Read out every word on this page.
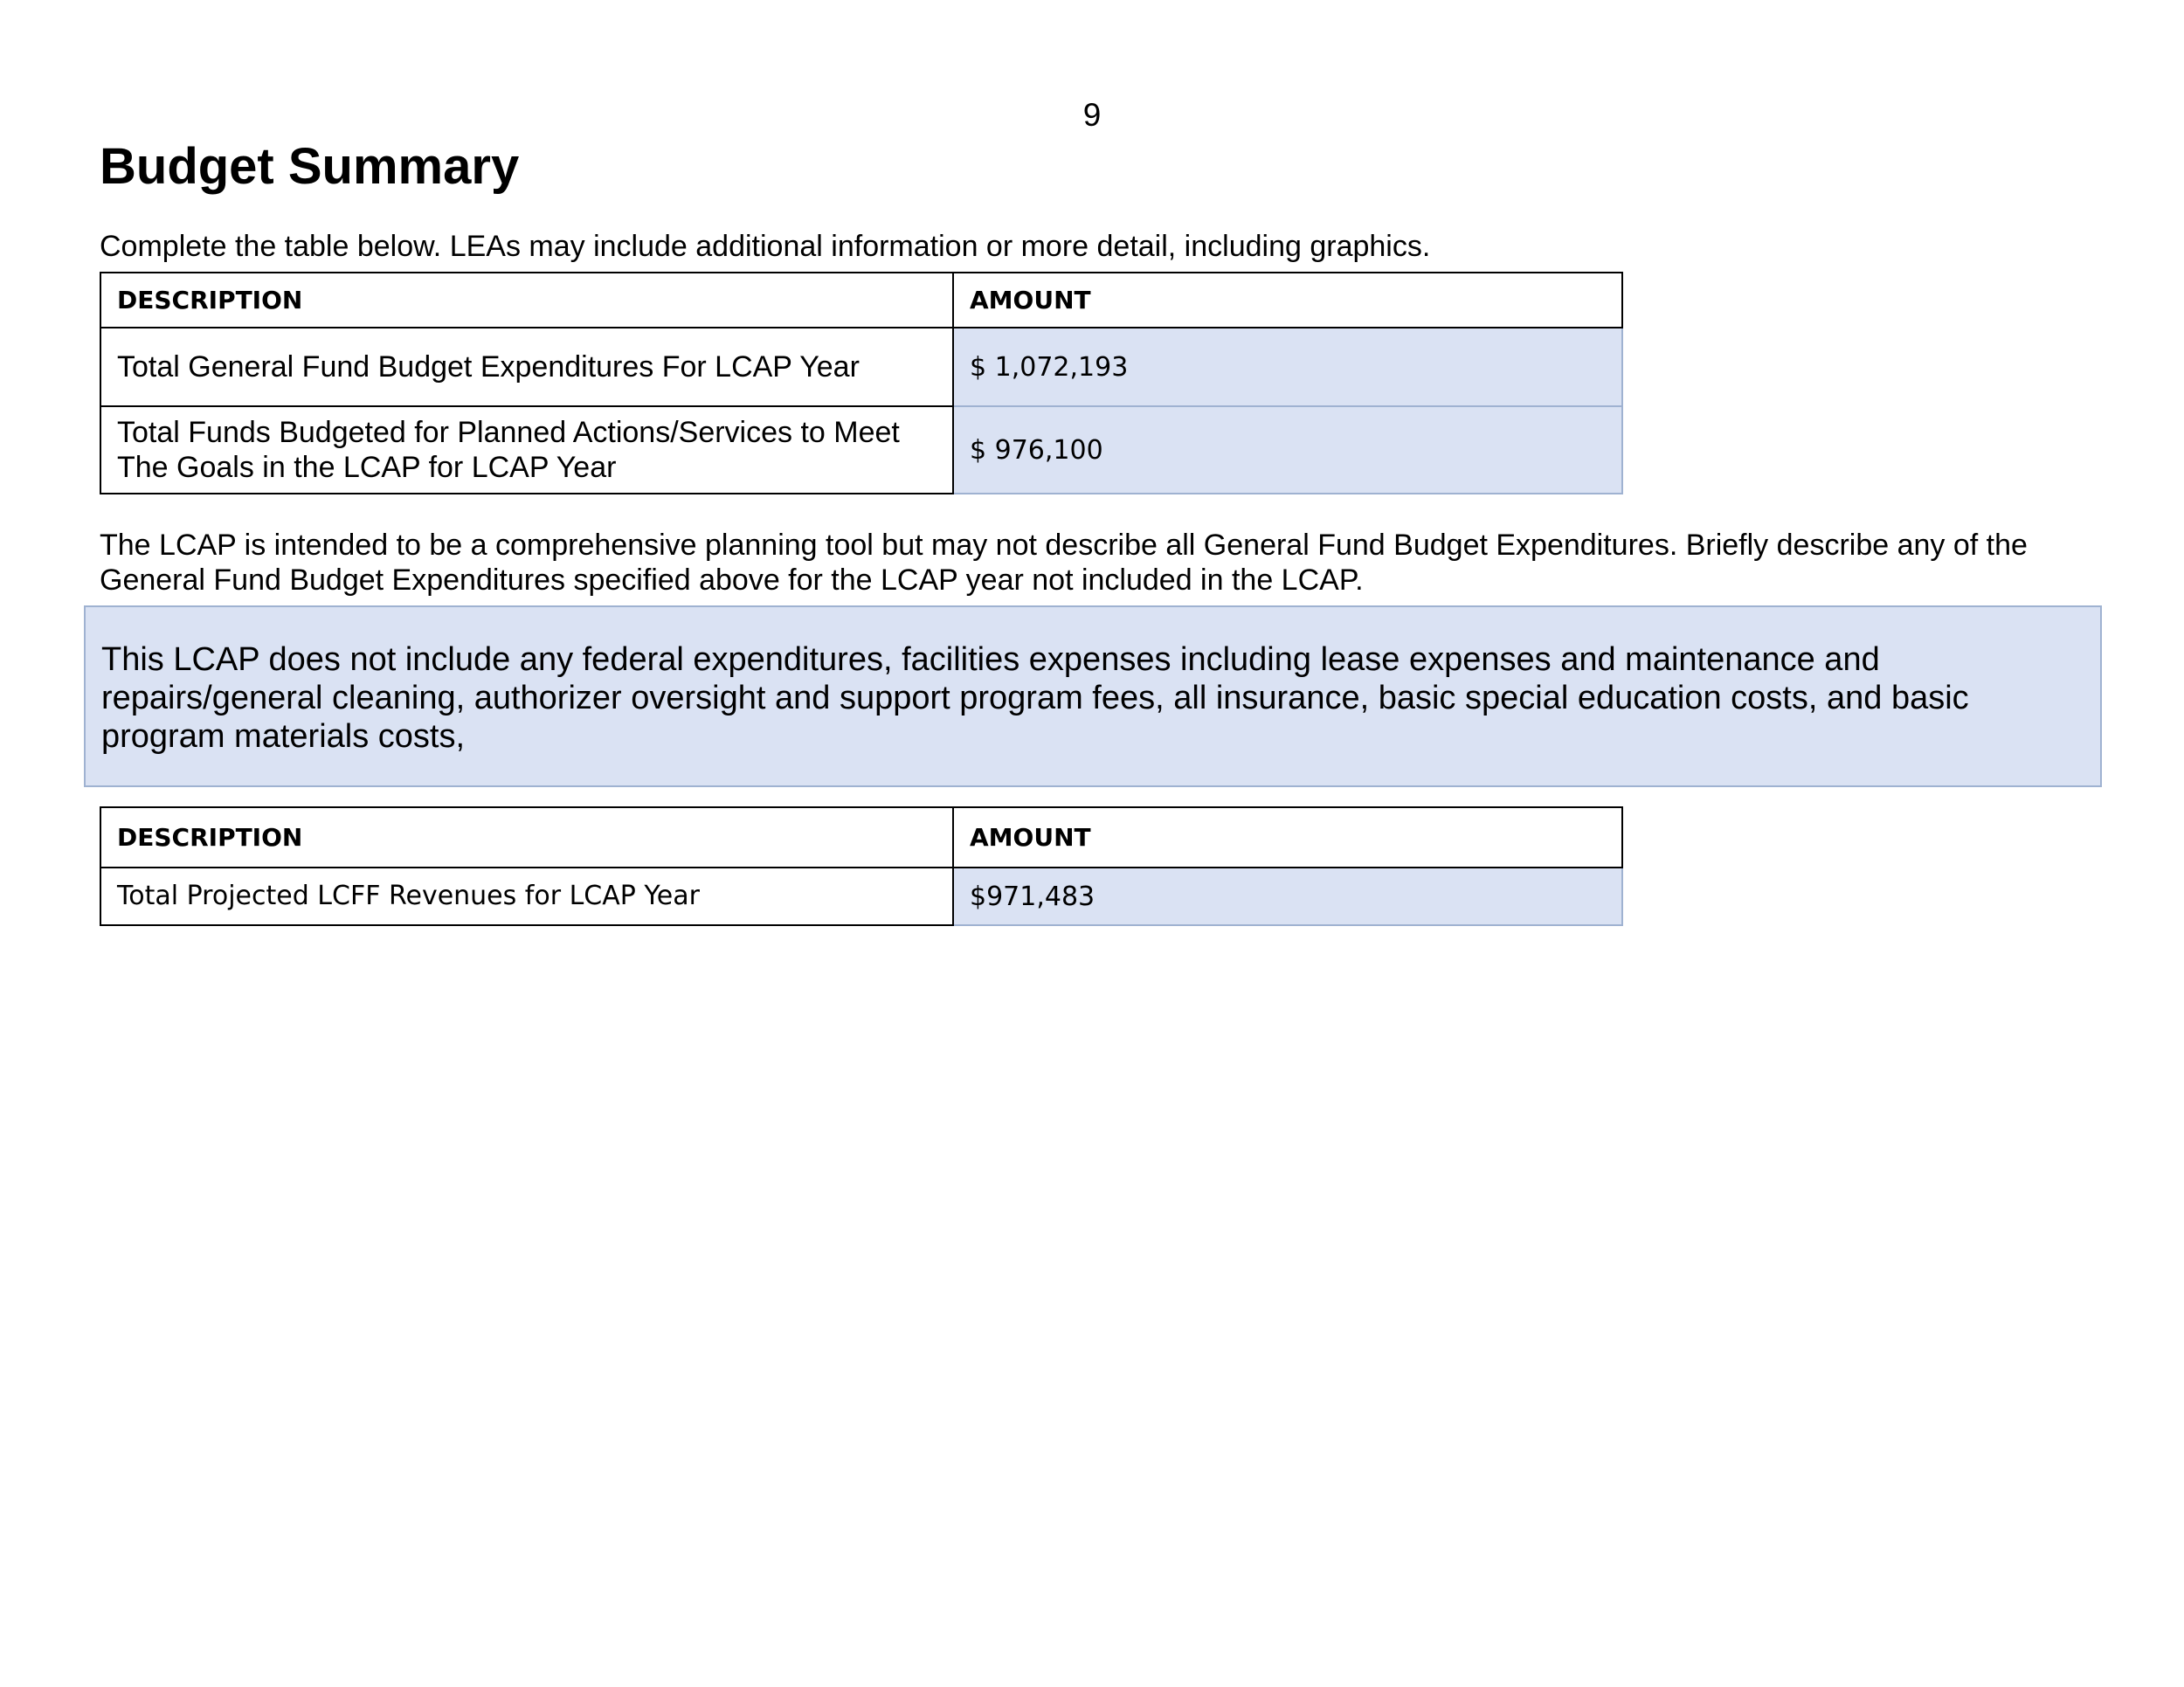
9
Budget Summary

Complete the table below. LEAs may include additional information or more detail, including graphics.

DESCRIPTION	AMOUNT
Total General Fund Budget Expenditures For LCAP Year	$ 1,072,193
Total Funds Budgeted for Planned Actions/Services to Meet The Goals in the LCAP for LCAP Year	$ 976,100

The LCAP is intended to be a comprehensive planning tool but may not describe all General Fund Budget Expenditures. Briefly describe any of the General Fund Budget Expenditures specified above for the LCAP year not included in the LCAP.

This LCAP does not include any federal expenditures, facilities expenses including lease expenses and maintenance and repairs/general cleaning, authorizer oversight and support program fees, all insurance, basic special education costs, and basic program materials costs,
DESCRIPTION	AMOUNT
Total Projected LCFF Revenues for LCAP Year	$971,483
